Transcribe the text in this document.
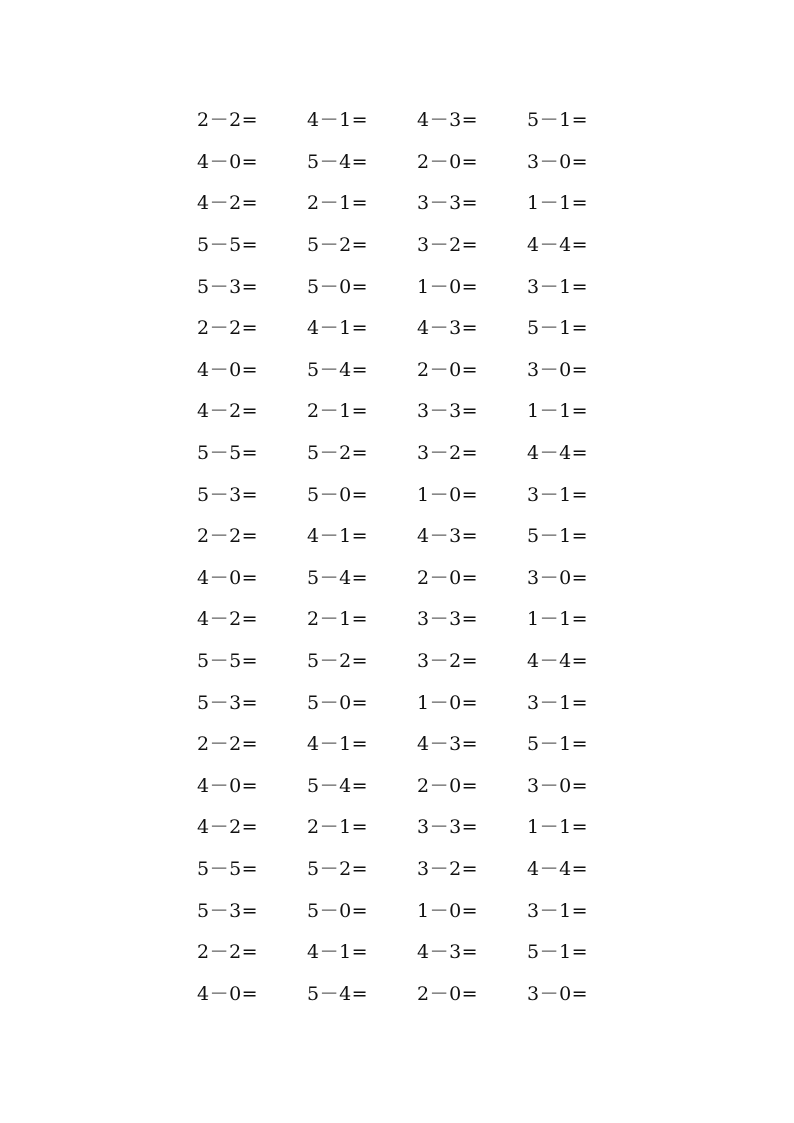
2－2=	4－1=	4－3=	5－1=
4－0=	5－4=	2－0=	3－0=
4－2=	2－1=	3－3=	1－1=
5－5=	5－2=	3－2=	4－4=
5－3=	5－0=	1－0=	3－1=
2－2=	4－1=	4－3=	5－1=
4－0=	5－4=	2－0=	3－0=
4－2=	2－1=	3－3=	1－1=
5－5=	5－2=	3－2=	4－4=
5－3=	5－0=	1－0=	3－1=
2－2=	4－1=	4－3=	5－1=
4－0=	5－4=	2－0=	3－0=
4－2=	2－1=	3－3=	1－1=
5－5=	5－2=	3－2=	4－4=
5－3=	5－0=	1－0=	3－1=
2－2=	4－1=	4－3=	5－1=
4－0=	5－4=	2－0=	3－0=
4－2=	2－1=	3－3=	1－1=
5－5=	5－2=	3－2=	4－4=
5－3=	5－0=	1－0=	3－1=
2－2=	4－1=	4－3=	5－1=
4－0=	5－4=	2－0=	3－0=
